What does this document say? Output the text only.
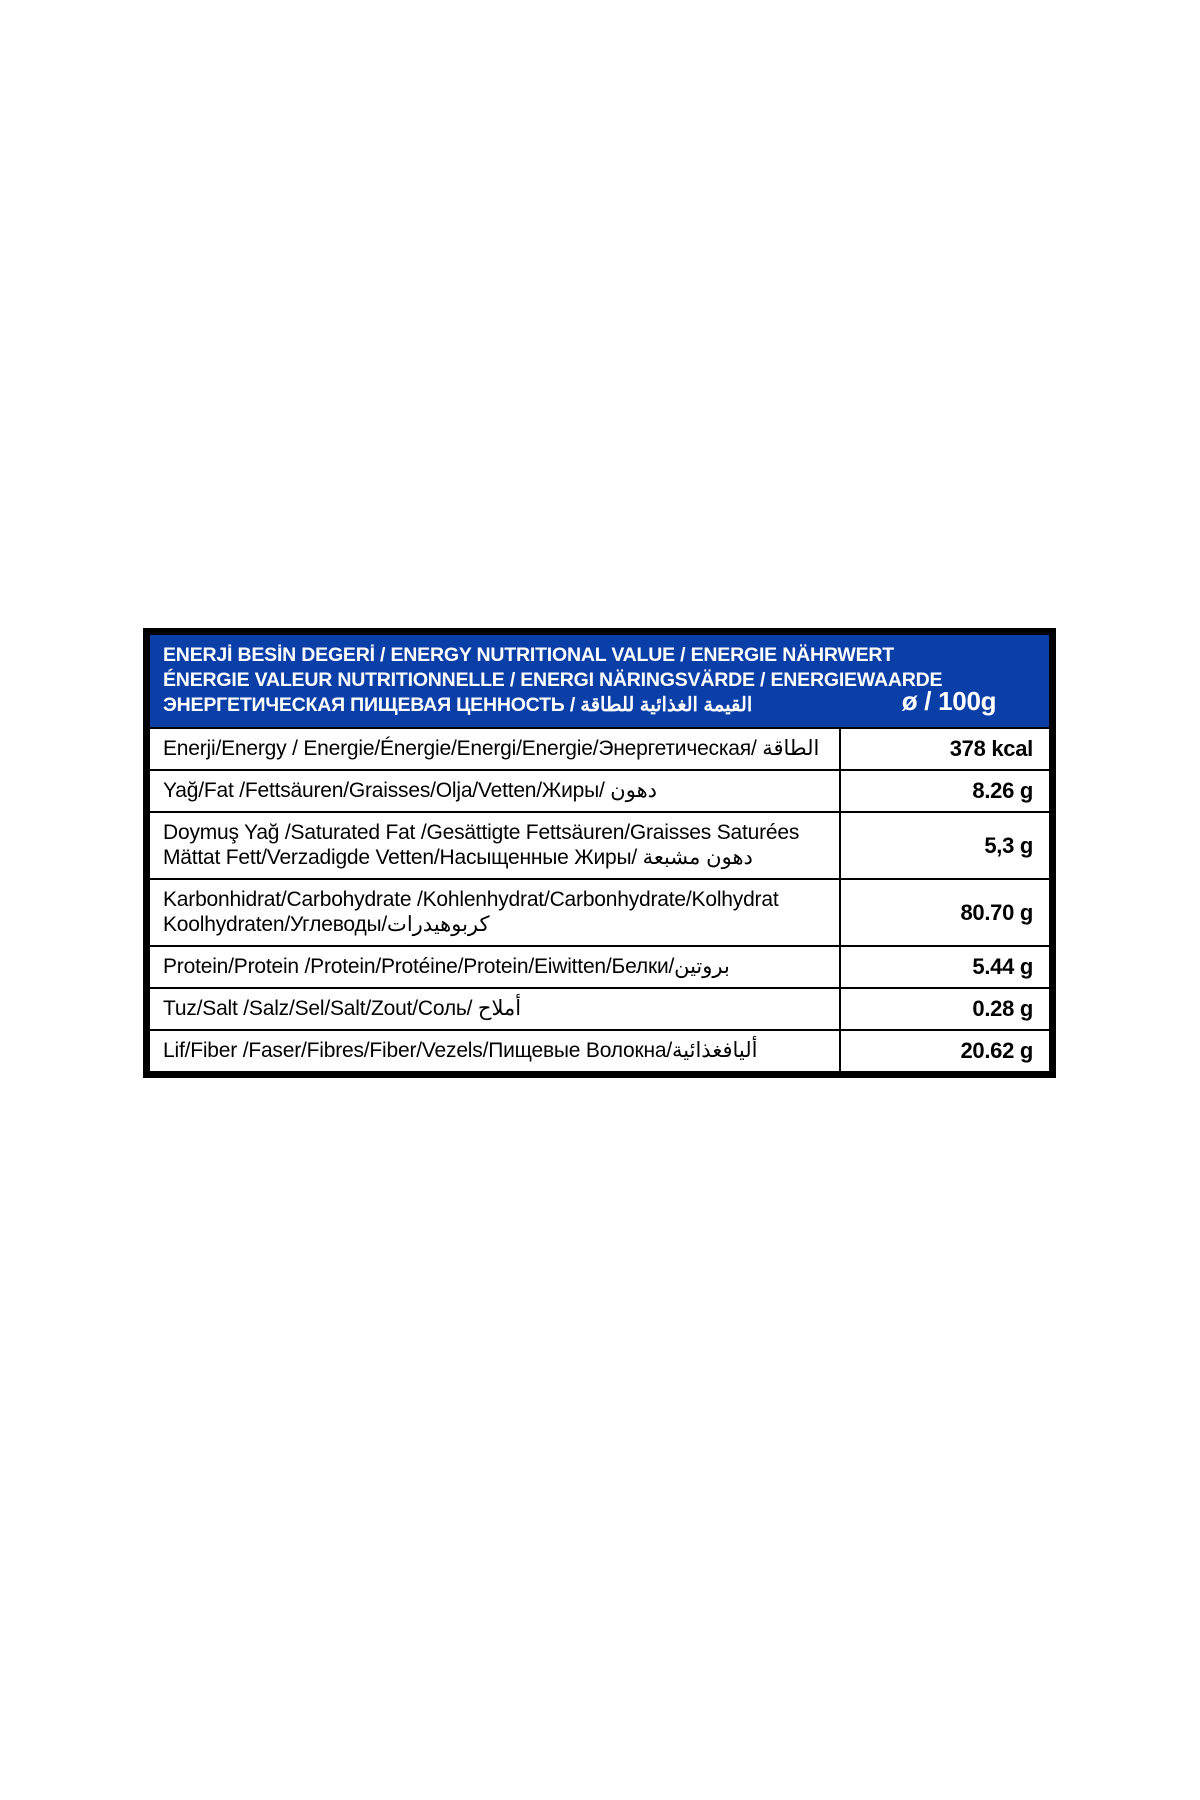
ENERJİ BESİN DEGERİ / ENERGY NUTRITIONAL VALUE / ENERGIE NÄHRWERT
ÉNERGIE VALEUR NUTRITIONNELLE / ENERGI NÄRINGSVÄRDE / ENERGIEWAARDE
ЭНЕРГЕТИЧЕСКАЯ ПИЩЕВАЯ ЦЕННОСТЬ / القيمة الغذائية للطاقة	ø / 100g
Enerji/Energy / Energie/Énergie/Energi/Energie/Энергетическая/ الطاقة	378 kcal
Yağ/Fat /Fettsäuren/Graisses/Olja/Vetten/Жиры/ دهون	8.26 g
Doymuş Yağ /Saturated Fat /Gesättigte Fettsäuren/Graisses Saturées
Mättat Fett/Verzadigde Vetten/Насыщенные Жиры/ دهون مشبعة	5,3 g
Karbonhidrat/Carbohydrate /Kohlenhydrat/Carbonhydrate/Kolhydrat
Koolhydraten/Углеводы/كربوهيدرات	80.70 g
Protein/Protein /Protein/Protéine/Protein/Eiwitten/Белки/بروتين	5.44 g
Tuz/Salt /Salz/Sel/Salt/Zout/Соль/ أملاح	0.28 g
Lif/Fiber /Faser/Fibres/Fiber/Vezels/Пищевые Волокна/أليافغذائية	20.62 g
